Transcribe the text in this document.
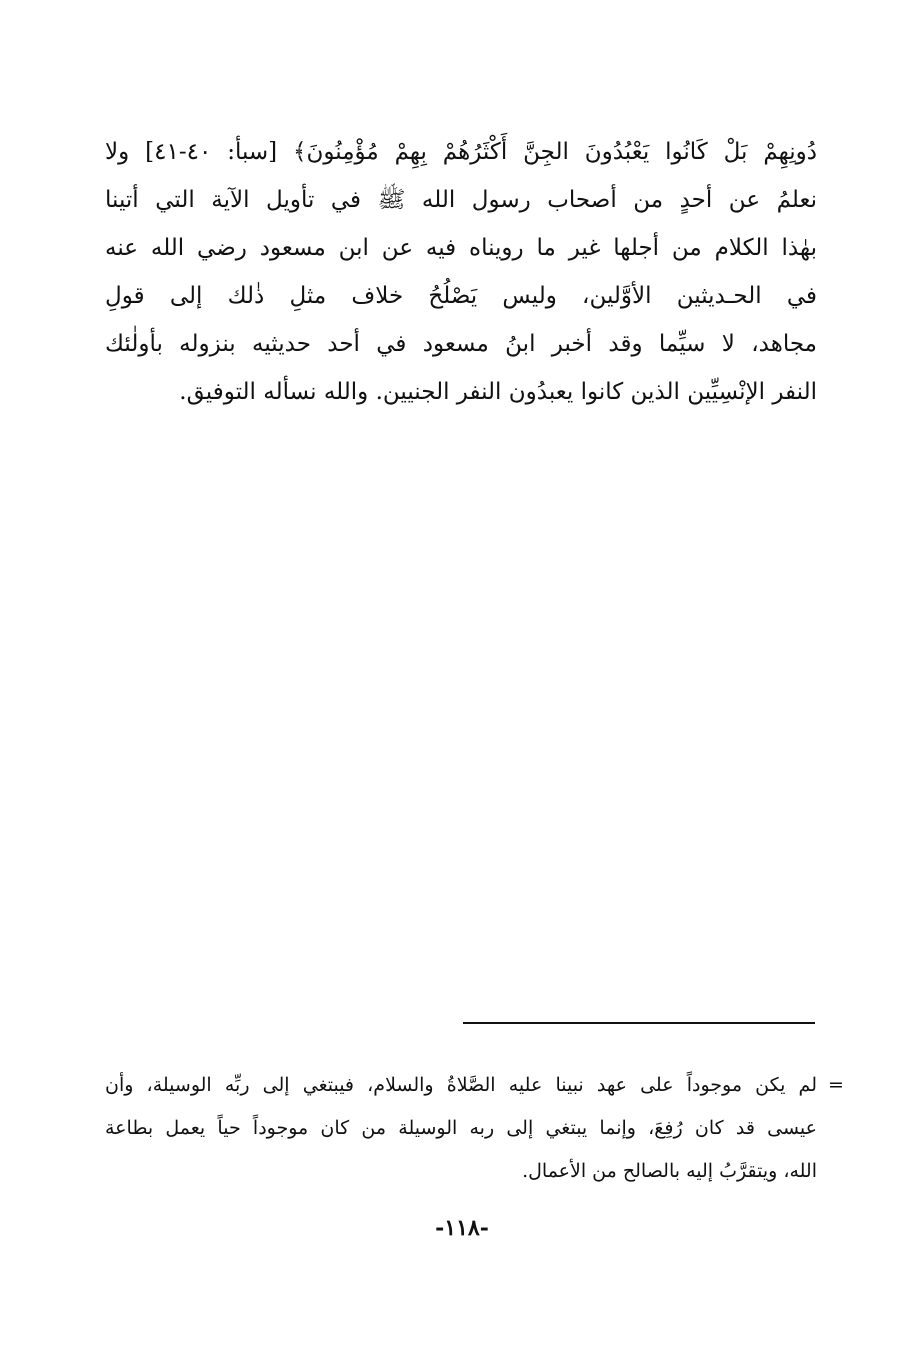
دُونِهِمْ بَلْ كَانُوا يَعْبُدُونَ الجِنَّ أَكْثَرُهُمْ بِهِمْ مُؤْمِنُونَ﴾ [سبأ: ٤٠-٤١] ولا
نعلمُ عن أحدٍ من أصحاب رسول الله ﷺ في تأويل الآية التي أتينا
بهٰذا الكلام من أجلها غير ما رويناه فيه عن ابن مسعود رضي الله عنه
في الحـديثين الأوَّلين، وليس يَصْلُحُ خلاف مثلِ ذٰلك إلى قولِ
مجاهد، لا سيِّما وقد أخبر ابنُ مسعود في أحد حديثيه بنزوله بأولٰئك
النفر الإنْسِيِّين الذين كانوا يعبدُون النفر الجنيين. والله نسأله التوفيق.
=
لم يكن موجوداً على عهد نبينا عليه الصَّلاةُ والسلام، فيبتغي إلى ربِّه الوسيلة، وأن
عيسى قد كان رُفِعَ، وإنما يبتغي إلى ربه الوسيلة من كان موجوداً حياً يعمل بطاعة
الله، ويتقرَّبُ إليه بالصالح من الأعمال.
-١١٨-
